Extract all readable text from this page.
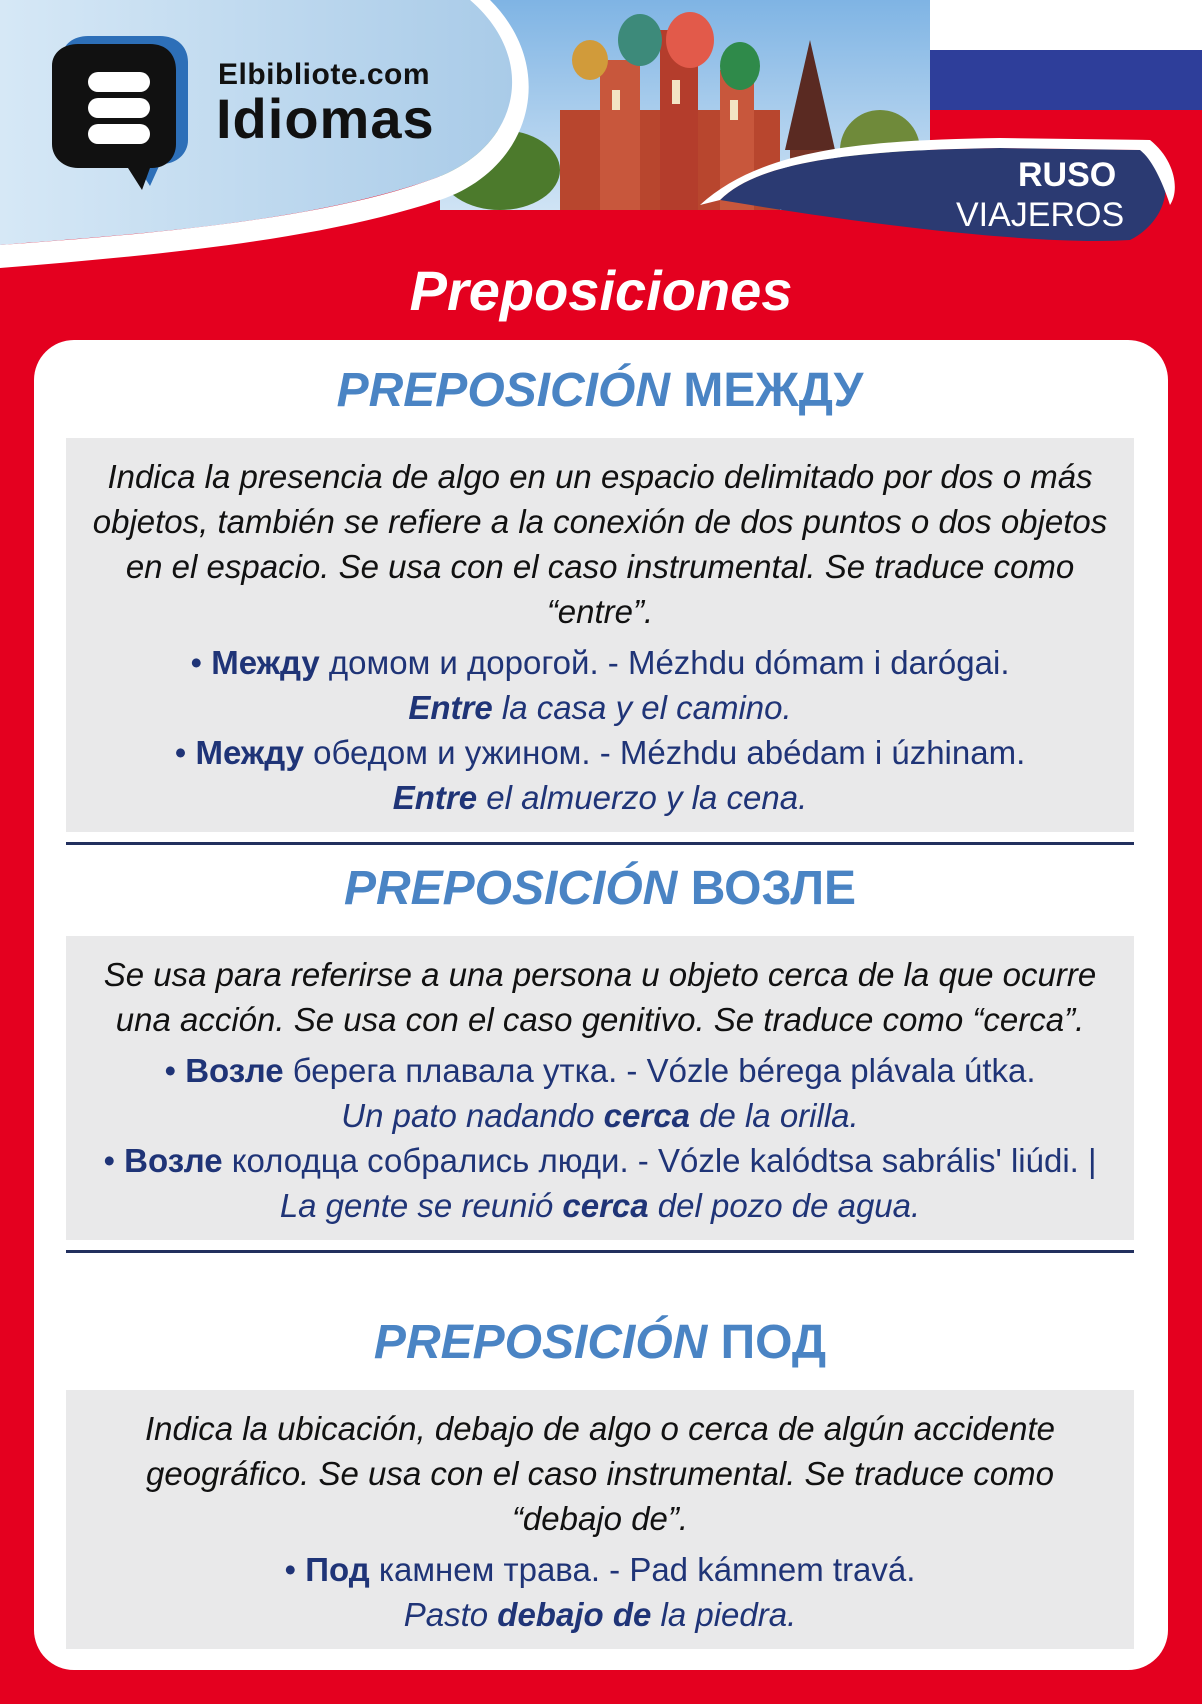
Elbibliote.com
Idiomas
RUSO
VIAJEROS
Preposiciones
PREPOSICIÓN МЕЖДУ
Indica la presencia de algo en un espacio delimitado por dos o más objetos, también se refiere a la conexión de dos puntos o dos objetos en el espacio. Se usa con el caso instrumental. Se traduce como “entre”.
• Между домом и дорогой. - Mézhdu dómam i darógai.
Entre la casa y el camino.
• Между обедом и ужином. - Mézhdu abédam i úzhinam.
Entre el almuerzo y la cena.
PREPOSICIÓN ВОЗЛЕ
Se usa para referirse a una persona u objeto cerca de la que ocurre una acción. Se usa con el caso genitivo. Se traduce como “cerca”.
• Возле берега плавала утка. - Vózle bérega plávala útka.
Un pato nadando cerca de la orilla.
• Возле колодца собрались люди. - Vózle kalódtsa sabrális' liúdi. | La gente se reunió cerca del pozo de agua.
PREPOSICIÓN ПОД
Indica la ubicación, debajo de algo o cerca de algún accidente geográfico. Se usa con el caso instrumental. Se traduce como “debajo de”.
• Под камнем трава. - Pad kámnem travá.
Pasto debajo de la piedra.
